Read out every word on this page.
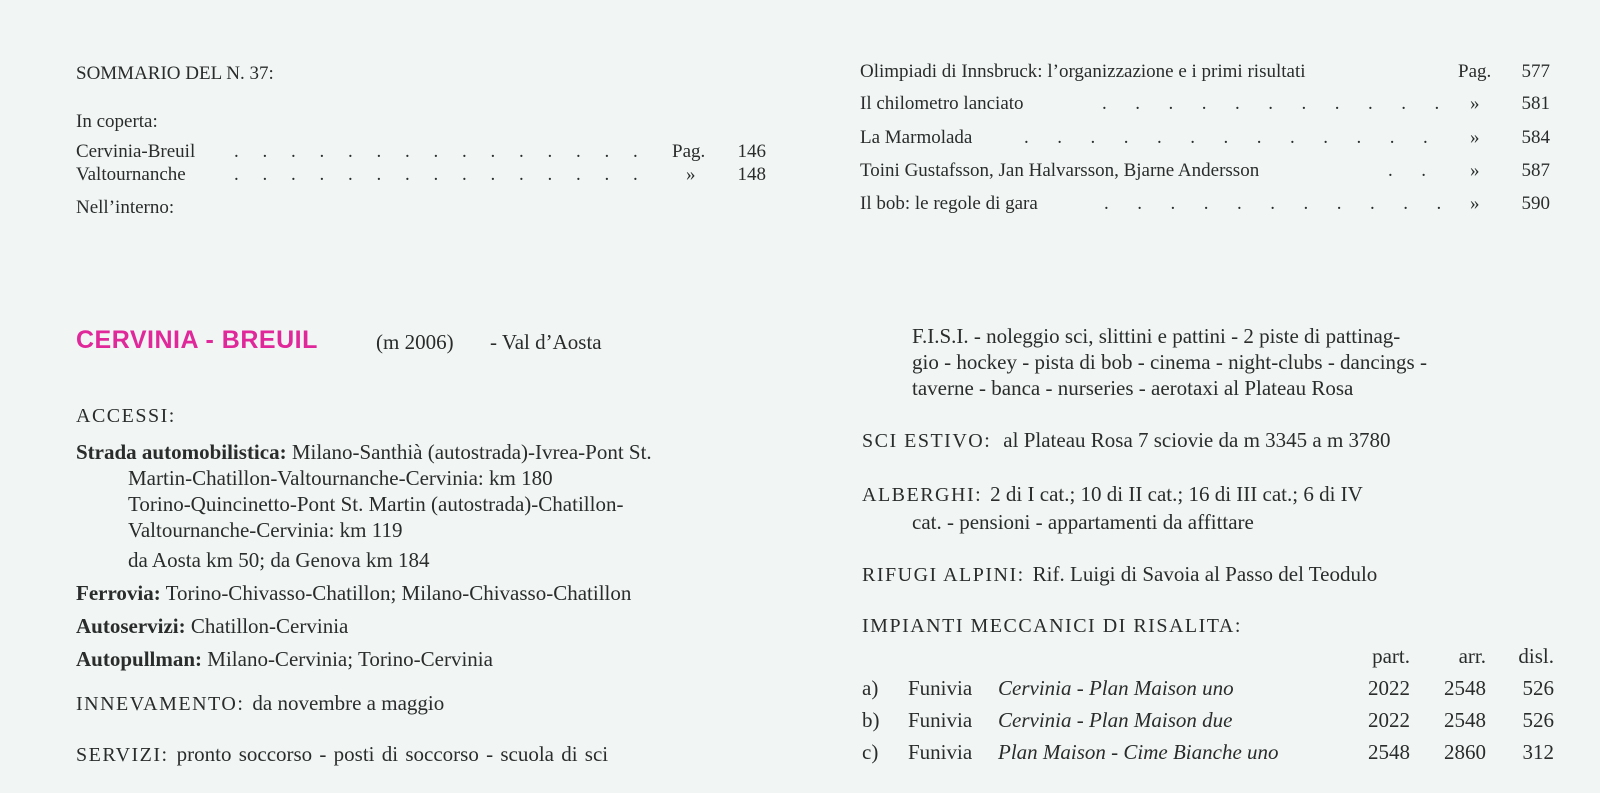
SOMMARIO DEL N. 37:
In coperta:
Cervinia-Breuil .     .     .     .     .     .     .     .     .     .     .     .     .     .     . Pag.	146
Valtournanche	.     .     .     .     .     .     .     .     .     .     .     .     .     .     .	»	148
Nell’interno:
Olimpiadi di Innsbruck: l’organizzazione e i primi risultati	Pag.	577
Il chilometro lanciato	.      .      .      .      .      .      .      .      .      .      . »	581
La Marmolada	.      .      .      .      .      .      .      .      .      .      .      .      . »	584
Toini Gustafsson, Jan Halvarsson, Bjarne Andersson	.      . »	587
Il bob: le regole di gara	.      .      .      .      .      .      .      .      .      .      . »	590
CERVINIA - BREUIL	(m 2006) - Val d’Aosta
ACCESSI:
Strada automobilistica: Milano-Santhià (autostrada)-Ivrea-Pont St.
Martin-Chatillon-Valtournanche-Cervinia: km 180
Torino-Quincinetto-Pont St. Martin (autostrada)-Chatillon-
Valtournanche-Cervinia: km 119
da Aosta km 50; da Genova km 184
Ferrovia: Torino-Chivasso-Chatillon; Milano-Chivasso-Chatillon
Autoservizi: Chatillon-Cervinia
Autopullman: Milano-Cervinia; Torino-Cervinia
INNEVAMENTO: da novembre a maggio
SERVIZI: pronto soccorso - posti di soccorso - scuola di sci
F.I.S.I. - noleggio sci, slittini e pattini - 2 piste di pattinag-
gio - hockey - pista di bob - cinema - night-clubs - dancings -
taverne - banca - nurseries - aerotaxi al Plateau Rosa
SCI ESTIVO: al Plateau Rosa 7 sciovie da m 3345 a m 3780
ALBERGHI: 2 di I cat.; 10 di II cat.; 16 di III cat.; 6 di IV
cat. - pensioni - appartamenti da affittare
RIFUGI ALPINI: Rif. Luigi di Savoia al Passo del Teodulo
IMPIANTI MECCANICI DI RISALITA:
part.	arr.	disl.
a) Funivia Cervinia - Plan Maison uno	2022	2548	526
b) Funivia Cervinia - Plan Maison due	2022	2548	526
c) Funivia Plan Maison - Cime Bianche uno	2548	2860	312
